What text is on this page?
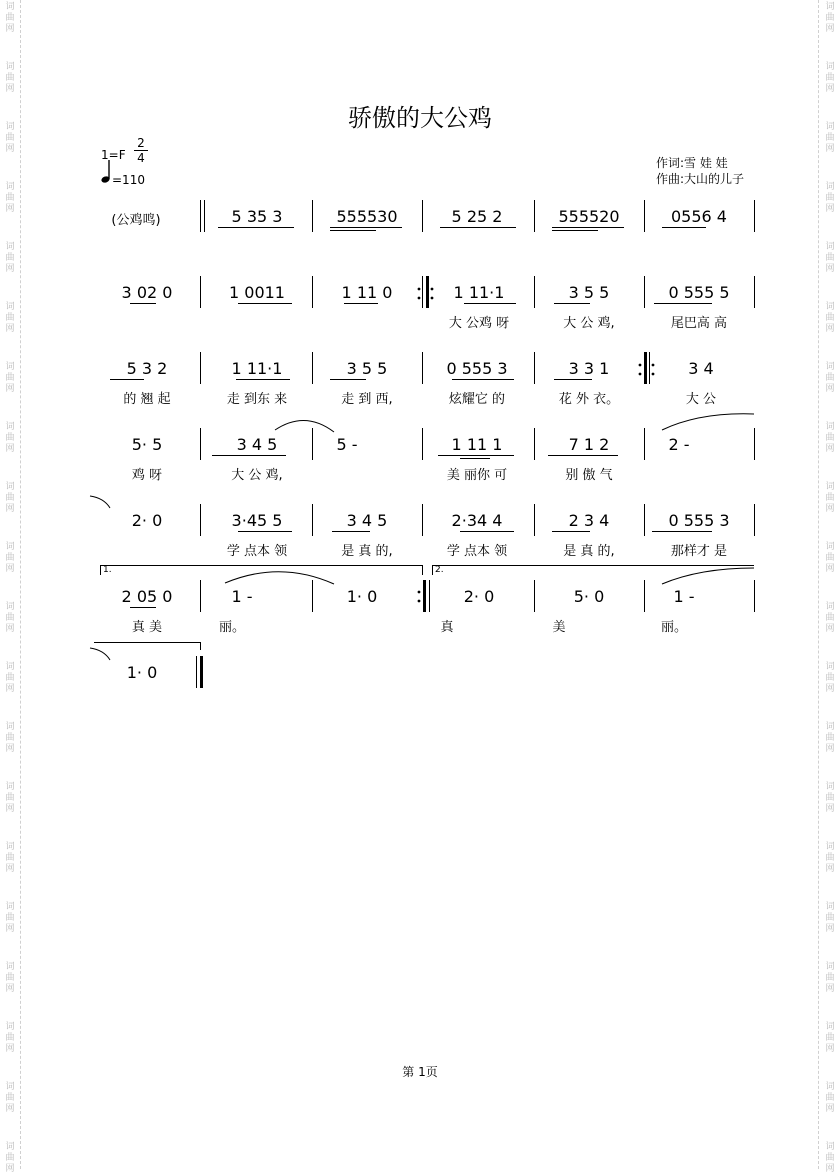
词
曲
网
词
曲
网
词
曲
网
词
曲
网
词
曲
网
词
曲
网
词
曲
网
词
曲
网
词
曲
网
词
曲
网
词
曲
网
词
曲
网
词
曲
网
词
曲
网
词
曲
网
词
曲
网
词
曲
网
词
曲
网
词
曲
网
词
曲
网
词
曲
网
词
曲
网
词
曲
网
词
曲
网
词
曲
网
词
曲
网
词
曲
网
词
曲
网
词
曲
网
词
曲
网
词
曲
网
词
曲
网
词
曲
网
词
曲
网
词
曲
网
词
曲
网
词
曲
网
词
曲
网
词
曲
网
词
曲
网
骄傲的大公鸡
$1=F \frac{2}{4}$
=110
作词:雪 娃 娃
作曲:大山的儿子
(公鸡鸣)	5 35 3	555530	5 25 2	555520	0556 4
3 02 0	1 0011	1 11 0	1 11·1	3 5 5	0 555 5
大 公鸡 呀	大 公 鸡,	尾巴高 高
5 3 2	1 11·1	3 5 5	0 555 3	3 3 1	3 4
的 翘 起	走 到东 来	走 到 西,	炫耀它 的	花 外 衣。	大 公
5· 5	3 4 5	5 -	1 11 1	7 1 2	2 -
鸡 呀	大 公 鸡,	美 丽你 可	别 傲 气
2· 0	3·45 5	3 4 5	2·34 4	2 3 4	0 555 3
学 点本 领	是 真 的,	学 点本 领	是 真 的,	那样才 是
1.	2.
2 05 0	1 -	1· 0	2· 0	5· 0	1 -
真 美	丽。	真	美	丽。
1· 0
第 1页
